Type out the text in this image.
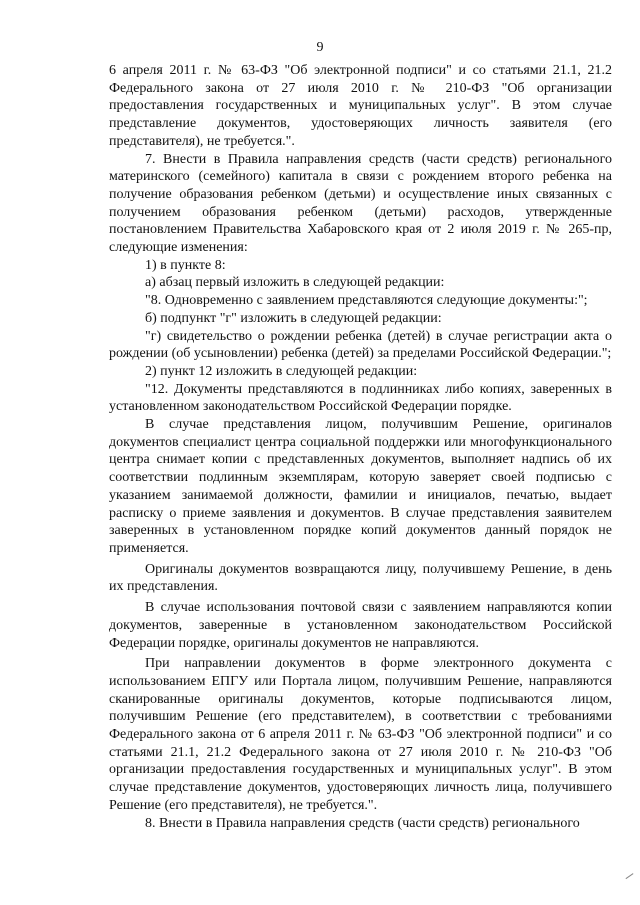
9

6 апреля 2011 г. № 63-ФЗ "Об электронной подписи" и со статьями 21.1, 21.2 Федерального закона от 27 июля 2010 г. № 210-ФЗ "Об организации предоставления государственных и муниципальных услуг". В этом случае представление документов, удостоверяющих личность заявителя (его представителя), не требуется.".

7. Внести в Правила направления средств (части средств) регионального материнского (семейного) капитала в связи с рождением второго ребенка на получение образования ребенком (детьми) и осуществление иных связанных с получением образования ребенком (детьми) расходов, утвержденные постановлением Правительства Хабаровского края от 2 июля 2019 г. № 265-пр, следующие изменения:

1) в пункте 8:

а) абзац первый изложить в следующей редакции:

"8. Одновременно с заявлением представляются следующие документы:";

б) подпункт "г" изложить в следующей редакции:

"г) свидетельство о рождении ребенка (детей) в случае регистрации акта о рождении (об усыновлении) ребенка (детей) за пределами Российской Федерации.";

2) пункт 12 изложить в следующей редакции:

"12. Документы представляются в подлинниках либо копиях, заверенных в установленном законодательством Российской Федерации порядке.

В случае представления лицом, получившим Решение, оригиналов документов специалист центра социальной поддержки или многофункционального центра снимает копии с представленных документов, выполняет надпись об их соответствии подлинным экземплярам, которую заверяет своей подписью с указанием занимаемой должности, фамилии и инициалов, печатью, выдает расписку о приеме заявления и документов. В случае представления заявителем заверенных в установленном порядке копий документов данный порядок не применяется.

Оригиналы документов возвращаются лицу, получившему Решение, в день их представления.

В случае использования почтовой связи с заявлением направляются копии документов, заверенные в установленном законодательством Российской Федерации порядке, оригиналы документов не направляются.

При направлении документов в форме электронного документа с использованием ЕПГУ или Портала лицом, получившим Решение, направляются сканированные оригиналы документов, которые подписываются лицом, получившим Решение (его представителем), в соответствии с требованиями Федерального закона от 6 апреля 2011 г. № 63-ФЗ "Об электронной подписи" и со статьями 21.1, 21.2 Федерального закона от 27 июля 2010 г. № 210-ФЗ "Об организации предоставления государственных и муниципальных услуг". В этом случае представление документов, удостоверяющих личность лица, получившего Решение (его представителя), не требуется.".

8. Внести в Правила направления средств (части средств) регионального
